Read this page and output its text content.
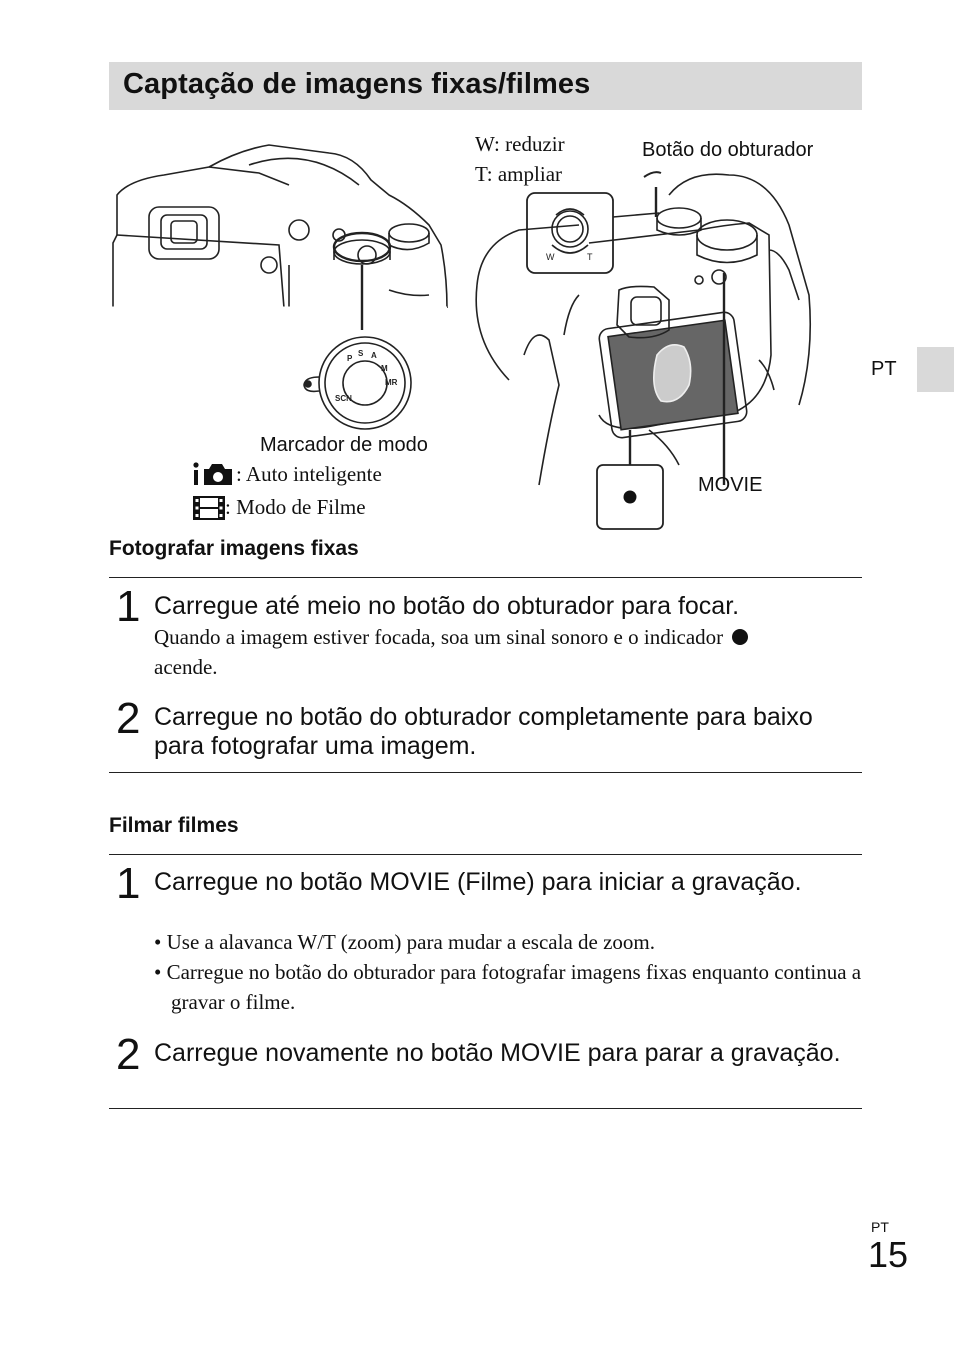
Captação de imagens fixas/filmes
PT
W	T
P
S A
M
MR
SCN
W: reduzir
T: ampliar
Botão do obturador
Marcador de modo
: Auto inteligente
: Modo de Filme
MOVIE
Fotografar imagens fixas
1 Carregue até meio no botão do obturador para focar.
Quando a imagem estiver focada, soa um sinal sonoro e o indicador
acende.
2 Carregue no botão do obturador completamente para baixo para fotografar uma imagem.
Filmar filmes
1 Carregue no botão MOVIE (Filme) para iniciar a gravação.
• Use a alavanca W/T (zoom) para mudar a escala de zoom.
• Carregue no botão do obturador para fotografar imagens fixas enquanto continua a gravar o filme.
2 Carregue novamente no botão MOVIE para parar a gravação.
PT
15
